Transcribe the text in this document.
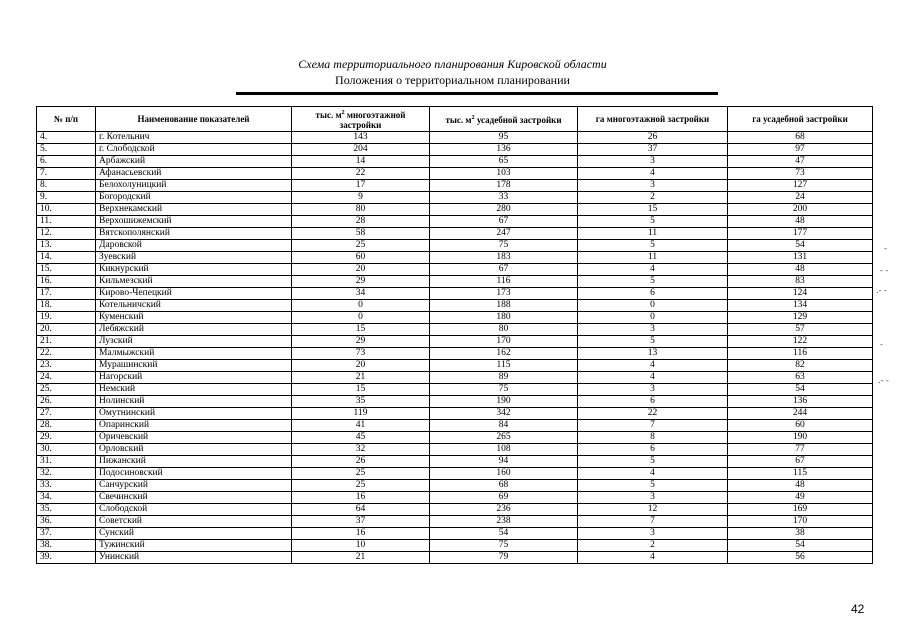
Схема территориального планирования Кировской области
Положения о территориальном планировании
№ п/п	Наименование показателей	тыс. $м^2$ многоэтажной застройки	тыс. $м^2$ усадебной застройки	га многоэтажной застройки	га усадебной застройки
4.	г. Котельнич	143	95	26	68
5.	г. Слободской	204	136	37	97
6.	Арбажский	14	65	3	47
7.	Афанасьевский	22	103	4	73
8.	Белохолуницкий	17	178	3	127
9.	Богородский	9	33	2	24
10.	Верхнекамский	80	280	15	200
11.	Верхошижемский	28	67	5	48
12.	Вятскополянский	58	247	11	177
13.	Даровской	25	75	5	54
14.	Зуевский	60	183	11	131
15.	Кикнурский	20	67	4	48
16.	Кильмезский	29	116	5	83
17.	Кирово-Чепецкий	34	173	6	124
18.	Котельничский	0	188	0	134
19.	Куменский	0	180	0	129
20.	Лебяжский	15	80	3	57
21.	Лузский	29	170	5	122
22.	Малмыжский	73	162	13	116
23.	Мурашинский	20	115	4	82
24.	Нагорский	21	89	4	63
25.	Немский	15	75	3	54
26.	Нолинский	35	190	6	136
27.	Омутнинский	119	342	22	244
28.	Опаринский	41	84	7	60
29.	Оричевский	45	265	8	190
30.	Орловский	32	108	6	77
31.	Пижанский	26	94	5	67
32.	Подосиновский	25	160	4	115
33.	Санчурский	25	68	5	48
34.	Свечинский	16	69	3	49
35.	Слободской	64	236	12	169
36.	Советский	37	238	7	170
37.	Сунский	16	54	3	38
38.	Тужинский	10	75	2	54
39.	Унинский	21	79	4	56
42
-
- -
.- -
-
.- -
